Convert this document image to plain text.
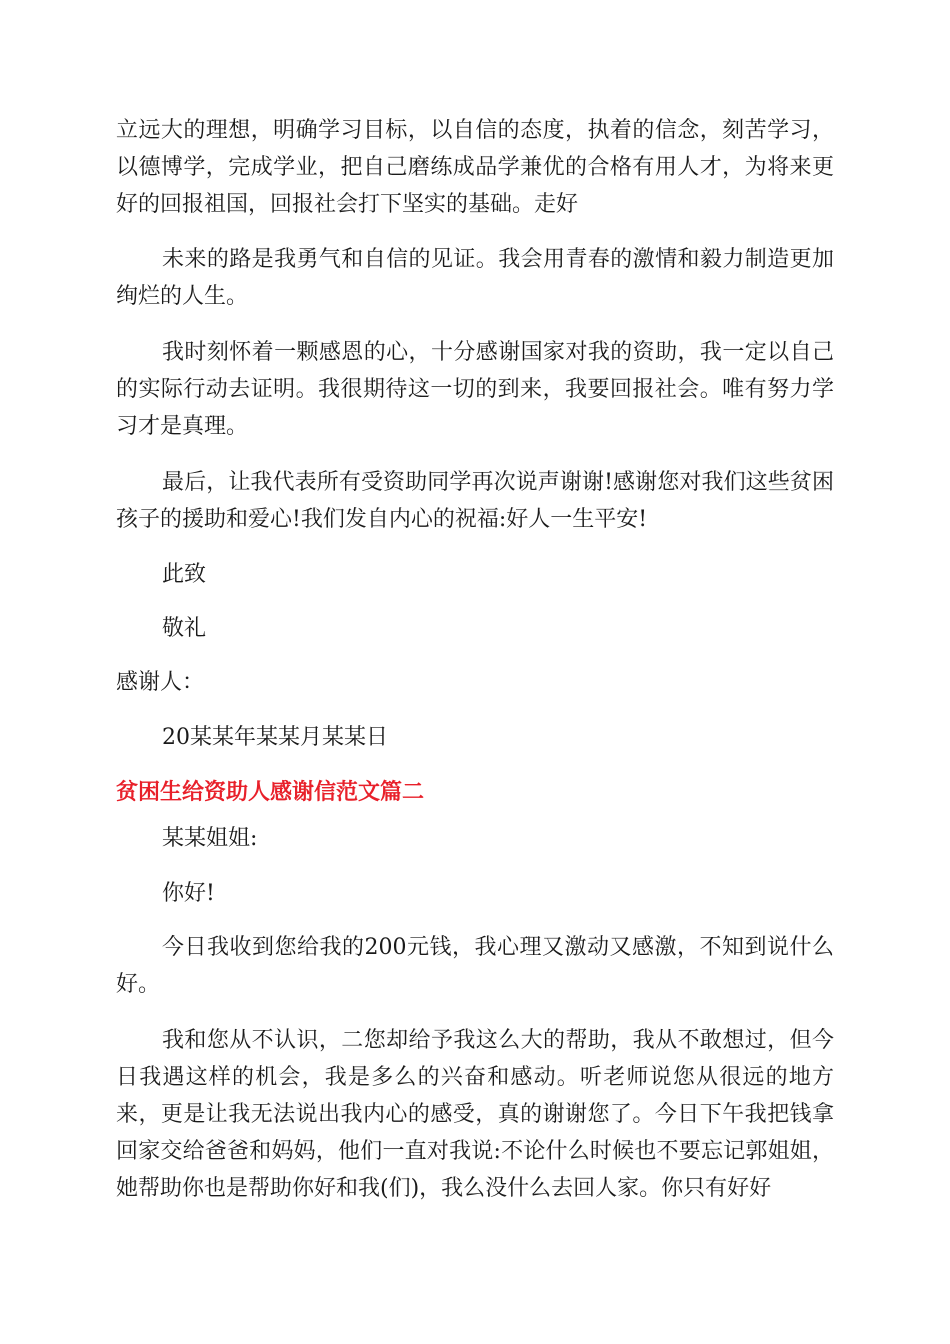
立远大的理想，明确学习目标，以自信的态度，执着的信念，刻苦学习，以德博学，完成学业，把自己磨练成品学兼优的合格有用人才，为将来更好的回报祖国，回报社会打下坚实的基础。走好

未来的路是我勇气和自信的见证。我会用青春的激情和毅力制造更加绚烂的人生。

我时刻怀着一颗感恩的心，十分感谢国家对我的资助，我一定以自己的实际行动去证明。我很期待这一切的到来，我要回报社会。唯有努力学习才是真理。

最后，让我代表所有受资助同学再次说声谢谢!感谢您对我们这些贫困孩子的援助和爱心!我们发自内心的祝福:好人一生平安!

此致

敬礼

感谢人：

20某某年某某月某某日

贫困生给资助人感谢信范文篇二

某某姐姐:

你好!

今日我收到您给我的200元钱，我心理又激动又感激，不知到说什么好。

我和您从不认识，二您却给予我这么大的帮助，我从不敢想过，但今日我遇这样的机会，我是多么的兴奋和感动。听老师说您从很远的地方来，更是让我无法说出我内心的感受，真的谢谢您了。今日下午我把钱拿回家交给爸爸和妈妈，他们一直对我说:不论什么时候也不要忘记郭姐姐，她帮助你也是帮助你好和我(们)，我么没什么去回人家。你只有好好
